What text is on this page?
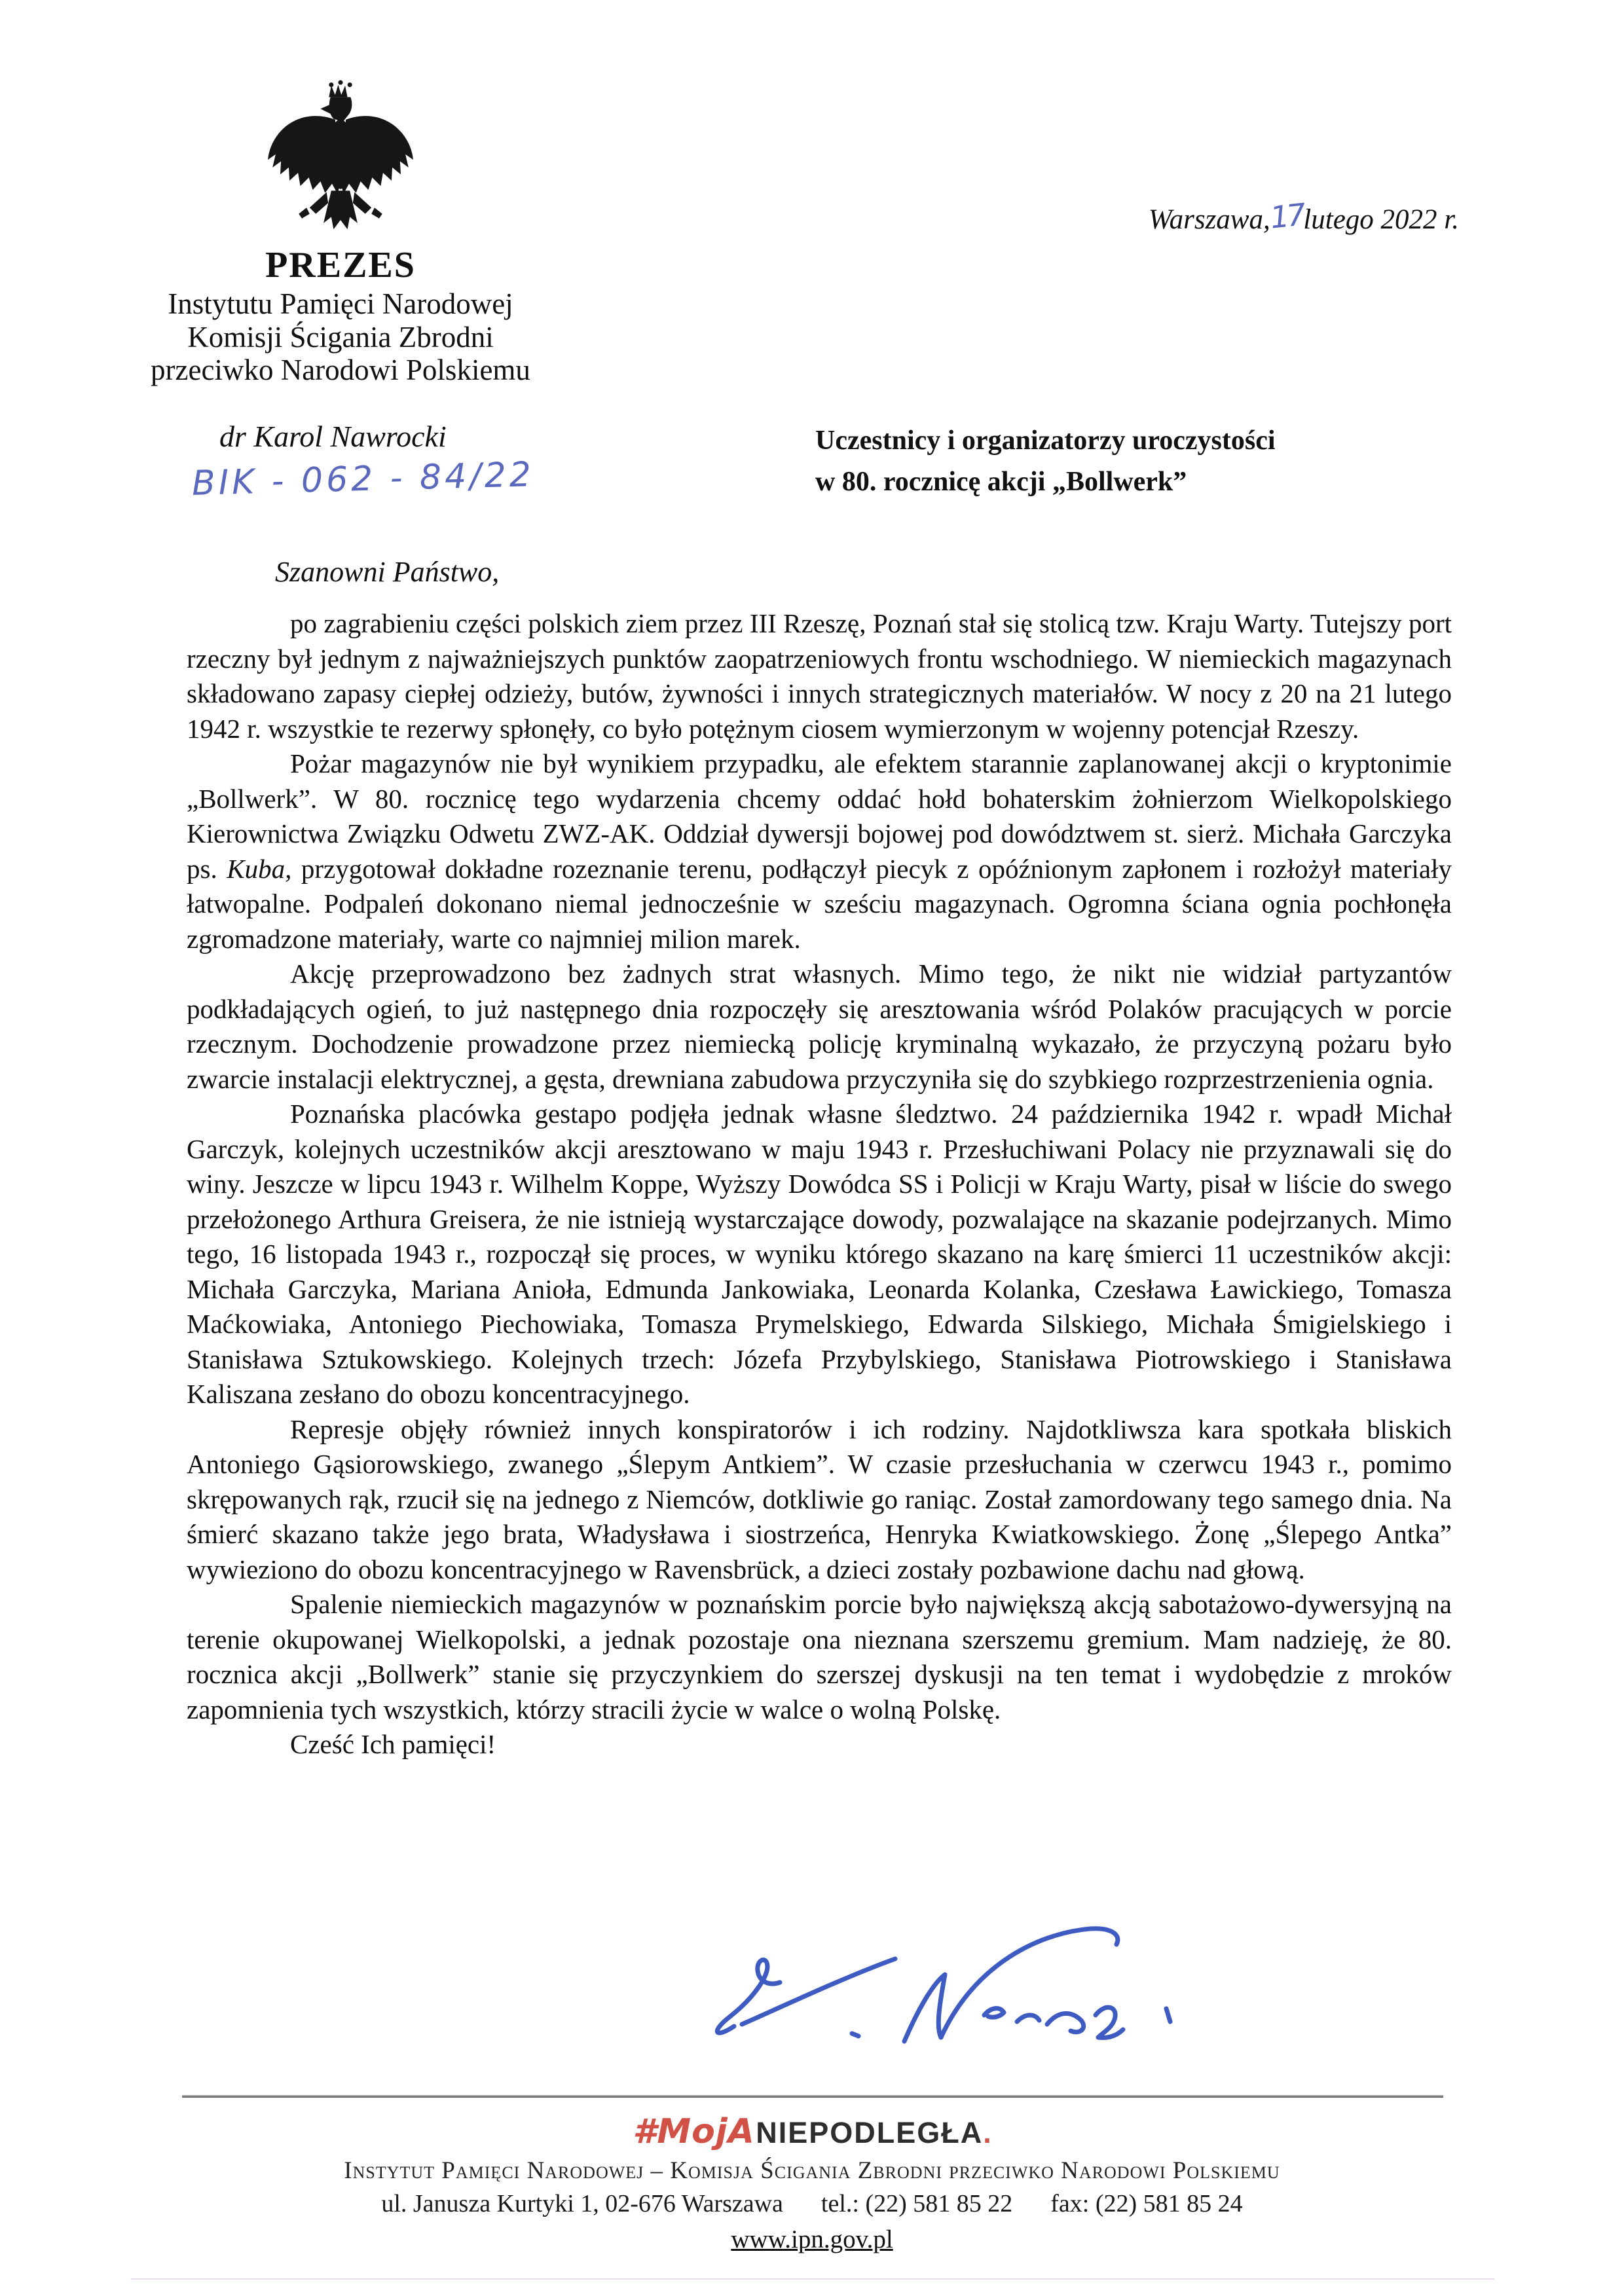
PREZES
Instytutu Pamięci Narodowej
Komisji Ścigania Zbrodni
przeciwko Narodowi Polskiemu
Warszawa,17lutego 2022 r.
dr Karol Nawrocki
BIK - 062 - 84/22
Uczestnicy i organizatorzy uroczystości
w 80. rocznicę akcji „Bollwerk”
Szanowni Państwo,

po zagrabieniu części polskich ziem przez III Rzeszę, Poznań stał się stolicą tzw. Kraju Warty. Tutejszy port rzeczny był jednym z najważniejszych punktów zaopatrzeniowych frontu wschodniego. W niemieckich magazynach składowano zapasy ciepłej odzieży, butów, żywności i innych strategicznych materiałów. W nocy z 20 na 21 lutego 1942 r. wszystkie te rezerwy spłonęły, co było potężnym ciosem wymierzonym w wojenny potencjał Rzeszy.

Pożar magazynów nie był wynikiem przypadku, ale efektem starannie zaplanowanej akcji o kryptonimie „Bollwerk”. W 80. rocznicę tego wydarzenia chcemy oddać hołd bohaterskim żołnierzom Wielkopolskiego Kierownictwa Związku Odwetu ZWZ-AK. Oddział dywersji bojowej pod dowództwem st. sierż. Michała Garczyka ps. Kuba, przygotował dokładne rozeznanie terenu, podłączył piecyk z opóźnionym zapłonem i rozłożył materiały łatwopalne. Podpaleń dokonano niemal jednocześnie w sześciu magazynach. Ogromna ściana ognia pochłonęła zgromadzone materiały, warte co najmniej milion marek.

Akcję przeprowadzono bez żadnych strat własnych. Mimo tego, że nikt nie widział partyzantów podkładających ogień, to już następnego dnia rozpoczęły się aresztowania wśród Polaków pracujących w porcie rzecznym. Dochodzenie prowadzone przez niemiecką policję kryminalną wykazało, że przyczyną pożaru było zwarcie instalacji elektrycznej, a gęsta, drewniana zabudowa przyczyniła się do szybkiego rozprzestrzenienia ognia.

Poznańska placówka gestapo podjęła jednak własne śledztwo. 24 października 1942 r. wpadł Michał Garczyk, kolejnych uczestników akcji aresztowano w maju 1943 r. Przesłuchiwani Polacy nie przyznawali się do winy. Jeszcze w lipcu 1943 r. Wilhelm Koppe, Wyższy Dowódca SS i Policji w Kraju Warty, pisał w liście do swego przełożonego Arthura Greisera, że nie istnieją wystarczające dowody, pozwalające na skazanie podejrzanych. Mimo tego, 16 listopada 1943 r., rozpoczął się proces, w wyniku którego skazano na karę śmierci 11 uczestników akcji: Michała Garczyka, Mariana Anioła, Edmunda Jankowiaka, Leonarda Kolanka, Czesława Ławickiego, Tomasza Maćkowiaka, Antoniego Piechowiaka, Tomasza Prymelskiego, Edwarda Silskiego, Michała Śmigielskiego i Stanisława Sztukowskiego. Kolejnych trzech: Józefa Przybylskiego, Stanisława Piotrowskiego i Stanisława Kaliszana zesłano do obozu koncentracyjnego.

Represje objęły również innych konspiratorów i ich rodziny. Najdotkliwsza kara spotkała bliskich Antoniego Gąsiorowskiego, zwanego „Ślepym Antkiem”. W czasie przesłuchania w czerwcu 1943 r., pomimo skrępowanych rąk, rzucił się na jednego z Niemców, dotkliwie go raniąc. Został zamordowany tego samego dnia. Na śmierć skazano także jego brata, Władysława i siostrzeńca, Henryka Kwiatkowskiego. Żonę „Ślepego Antka” wywieziono do obozu koncentracyjnego w Ravensbrück, a dzieci zostały pozbawione dachu nad głową.

Spalenie niemieckich magazynów w poznańskim porcie było największą akcją sabotażowo-dywersyjną na terenie okupowanej Wielkopolski, a jednak pozostaje ona nieznana szerszemu gremium. Mam nadzieję, że 80. rocznica akcji „Bollwerk” stanie się przyczynkiem do szerszej dyskusji na ten temat i wydobędzie z mroków zapomnienia tych wszystkich, którzy stracili życie w walce o wolną Polskę.

Cześć Ich pamięci!

#MojA NIEPODLEGŁA.
Instytut Pamięci Narodowej – Komisja Ścigania Zbrodni przeciwko Narodowi Polskiemu
ul. Janusza Kurtyki 1, 02-676 Warszawa tel.: (22) 581 85 22 fax: (22) 581 85 24
www.ipn.gov.pl
